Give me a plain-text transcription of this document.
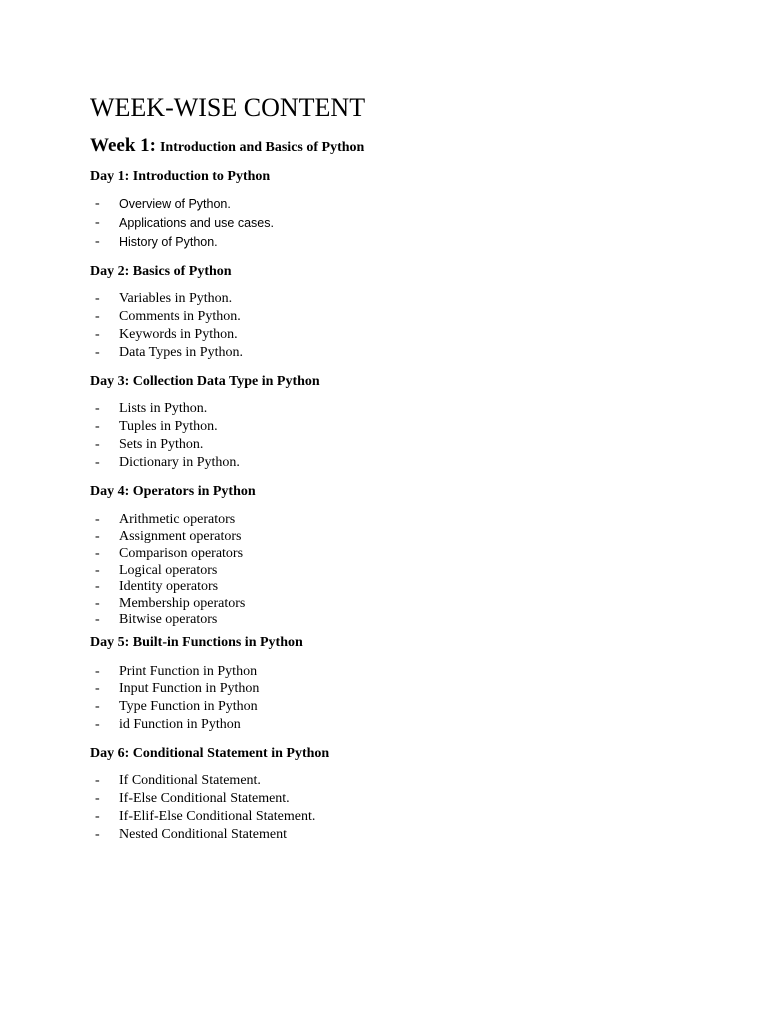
WEEK-WISE CONTENT
Week 1: Introduction and Basics of Python
Day 1: Introduction to Python
- Overview of Python.
- Applications and use cases.
- History of Python.
Day 2: Basics of Python
- Variables in Python.
- Comments in Python.
- Keywords in Python.
- Data Types in Python.
Day 3: Collection Data Type in Python
- Lists in Python.
- Tuples in Python.
- Sets in Python.
- Dictionary in Python.
Day 4: Operators in Python
- Arithmetic operators
- Assignment operators
- Comparison operators
- Logical operators
- Identity operators
- Membership operators
- Bitwise operators
Day 5: Built-in Functions in Python
- Print Function in Python
- Input Function in Python
- Type Function in Python
- id Function in Python
Day 6: Conditional Statement in Python
- If Conditional Statement.
- If-Else Conditional Statement.
- If-Elif-Else Conditional Statement.
- Nested Conditional Statement
